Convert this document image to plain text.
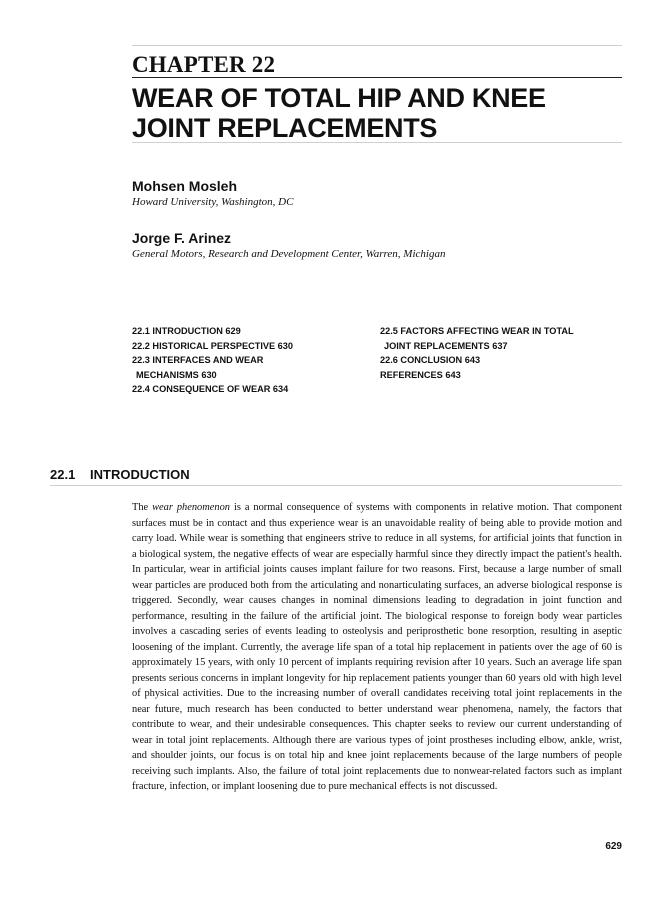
CHAPTER 22
WEAR OF TOTAL HIP AND KNEE
JOINT REPLACEMENTS
Mohsen Mosleh
Howard University, Washington, DC
Jorge F. Arinez
General Motors, Research and Development Center, Warren, Michigan
22.1 INTRODUCTION 629
22.2 HISTORICAL PERSPECTIVE 630
22.3 INTERFACES AND WEAR
MECHANISMS 630
22.4 CONSEQUENCE OF WEAR 634
22.5 FACTORS AFFECTING WEAR IN TOTAL
JOINT REPLACEMENTS 637
22.6 CONCLUSION 643
REFERENCES 643
22.1 INTRODUCTION
The wear phenomenon is a normal consequence of systems with components in relative motion. That component surfaces must be in contact and thus experience wear is an unavoidable reality of being able to provide motion and carry load. While wear is something that engineers strive to reduce in all systems, for artificial joints that function in a biological system, the negative effects of wear are especially harmful since they directly impact the patient's health. In particular, wear in artificial joints causes implant failure for two reasons. First, because a large number of small wear particles are produced both from the articulating and nonarticulating surfaces, an adverse biological response is triggered. Secondly, wear causes changes in nominal dimensions leading to degradation in joint function and performance, resulting in the failure of the artificial joint. The biological response to foreign body wear particles involves a cascading series of events leading to osteolysis and periprosthetic bone resorption, resulting in aseptic loosening of the implant. Currently, the average life span of a total hip replacement in patients over the age of 60 is approximately 15 years, with only 10 percent of implants requiring revision after 10 years. Such an average life span presents serious concerns in implant longevity for hip replacement patients younger than 60 years old with high level of physical activities. Due to the increasing number of overall candidates receiving total joint replacements in the near future, much research has been conducted to better understand wear phenomena, namely, the factors that contribute to wear, and their undesirable consequences. This chapter seeks to review our current understanding of wear in total joint replacements. Although there are various types of joint prostheses including elbow, ankle, wrist, and shoulder joints, our focus is on total hip and knee joint replacements because of the large numbers of people receiving such implants. Also, the failure of total joint replacements due to nonwear-related factors such as implant fracture, infection, or implant loosening due to pure mechanical effects is not discussed.
629
